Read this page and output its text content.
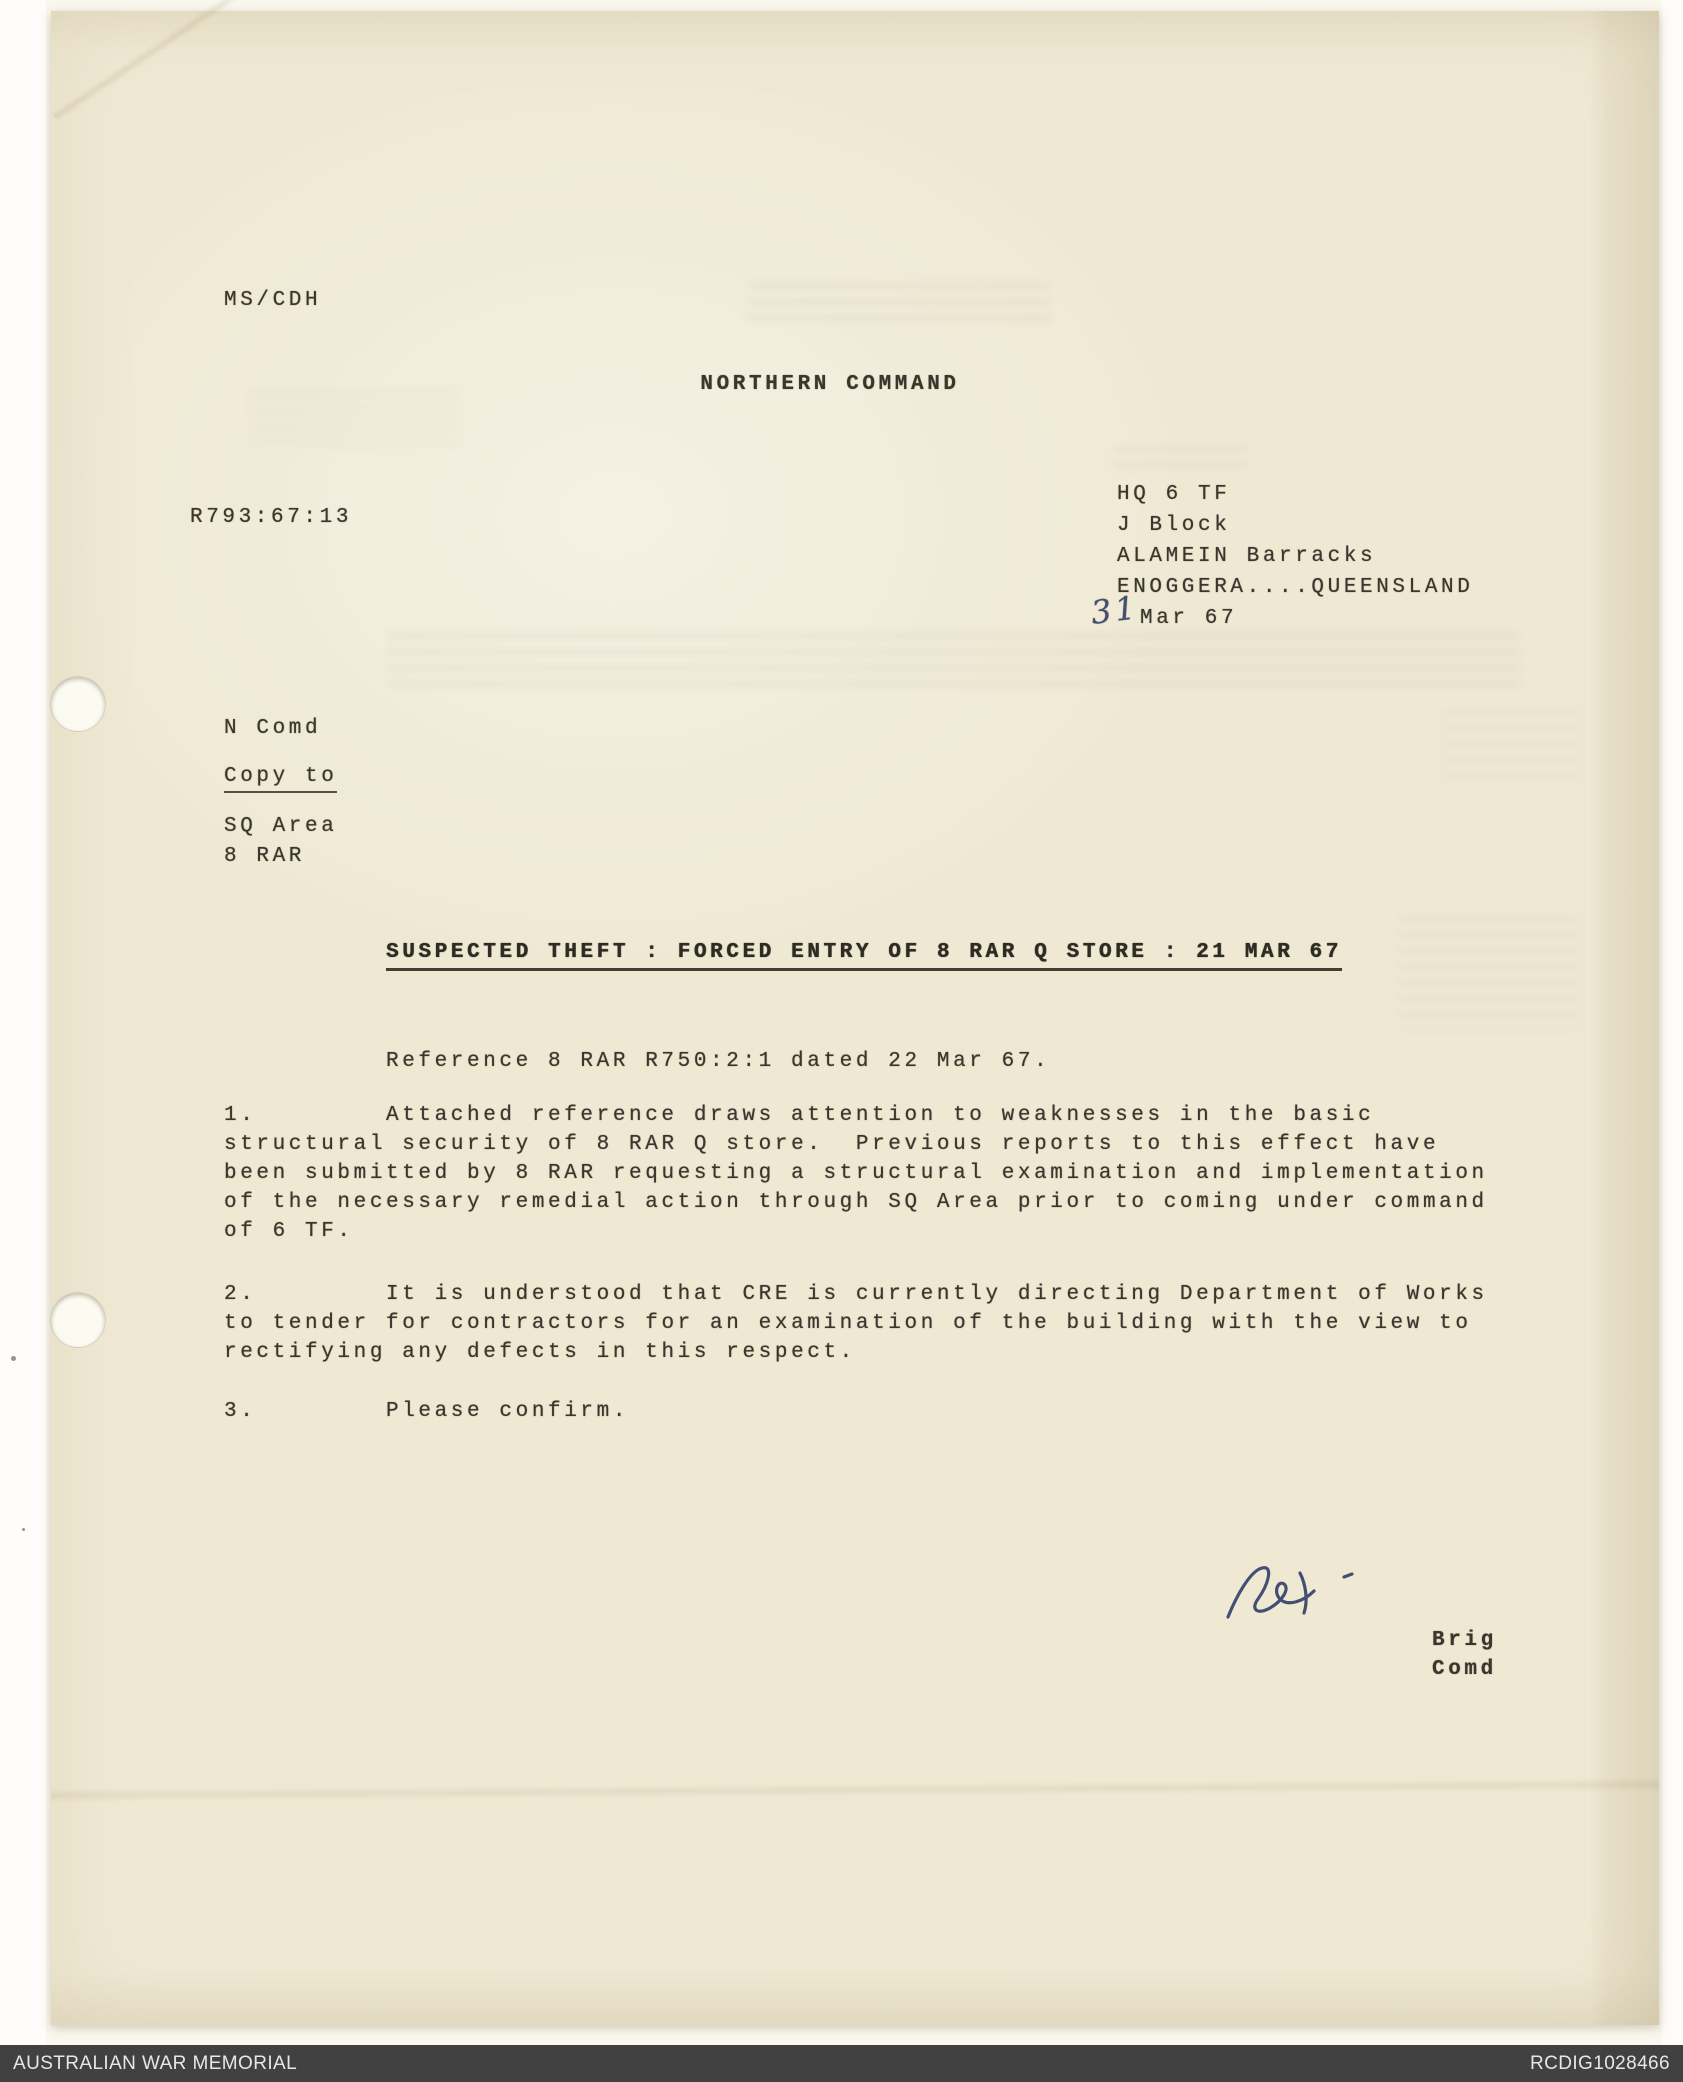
MS/CDH
NORTHERN COMMAND
R793:67:13
HQ 6 TF
J Block
ALAMEIN Barracks
ENOGGERA....QUEENSLAND
31 Mar 67
N Comd
Copy to
SQ Area
8 RAR
SUSPECTED THEFT : FORCED ENTRY OF 8 RAR Q STORE : 21 MAR 67
Reference 8 RAR R750:2:1 dated 22 Mar 67.
1.	Attached reference draws attention to weaknesses in the basic structural security of 8 RAR Q store.  Previous reports to this effect have been submitted by 8 RAR requesting a structural examination and implementation of the necessary remedial action through SQ Area prior to coming under command of 6 TF.
2.	It is understood that CRE is currently directing Department of Works to tender for contractors for an examination of the building with the view to rectifying any defects in this respect.
3.	Please confirm.
Brig
Comd
AUSTRALIAN WAR MEMORIAL	RCDIG1028466
